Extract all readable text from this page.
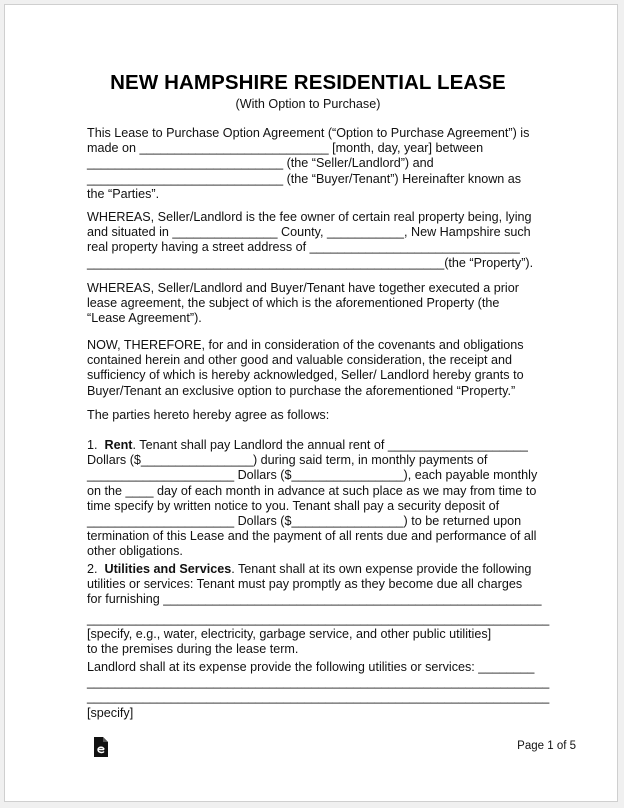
NEW HAMPSHIRE RESIDENTIAL LEASE
(With Option to Purchase)

This Lease to Purchase Option Agreement (“Option to Purchase Agreement”) is

made on ___________________________ [month, day, year] between

____________________________ (the “Seller/Landlord”) and

____________________________ (the “Buyer/Tenant”) Hereinafter known as

the “Parties”.

WHEREAS, Seller/Landlord is the fee owner of certain real property being, lying

and situated in _______________ County, ___________, New Hampshire such

real property having a street address of ______________________________

___________________________________________________(the “Property”).

WHEREAS, Seller/Landlord and Buyer/Tenant have together executed a prior

lease agreement, the subject of which is the aforementioned Property (the

“Lease Agreement”).

NOW, THEREFORE, for and in consideration of the covenants and obligations

contained herein and other good and valuable consideration, the receipt and

sufficiency of which is hereby acknowledged, Seller/ Landlord hereby grants to

Buyer/Tenant an exclusive option to purchase the aforementioned “Property.”

The parties hereto hereby agree as follows:

1. Rent. Tenant shall pay Landlord the annual rent of ____________________

Dollars ($________________) during said term, in monthly payments of

_____________________ Dollars ($________________), each payable monthly

on the ____ day of each month in advance at such place as we may from time to

time specify by written notice to you. Tenant shall pay a security deposit of

_____________________ Dollars ($________________) to be returned upon

termination of this Lease and the payment of all rents due and performance of all

other obligations.

2. Utilities and Services. Tenant shall at its own expense provide the following

utilities or services: Tenant must pay promptly as they become due all charges

for furnishing ______________________________________________________

__________________________________________________________________

[specify, e.g., water, electricity, garbage service, and other public utilities]

to the premises during the lease term.

Landlord shall at its expense provide the following utilities or services: ________

__________________________________________________________________

__________________________________________________________________

[specify]

Page 1 of 5
